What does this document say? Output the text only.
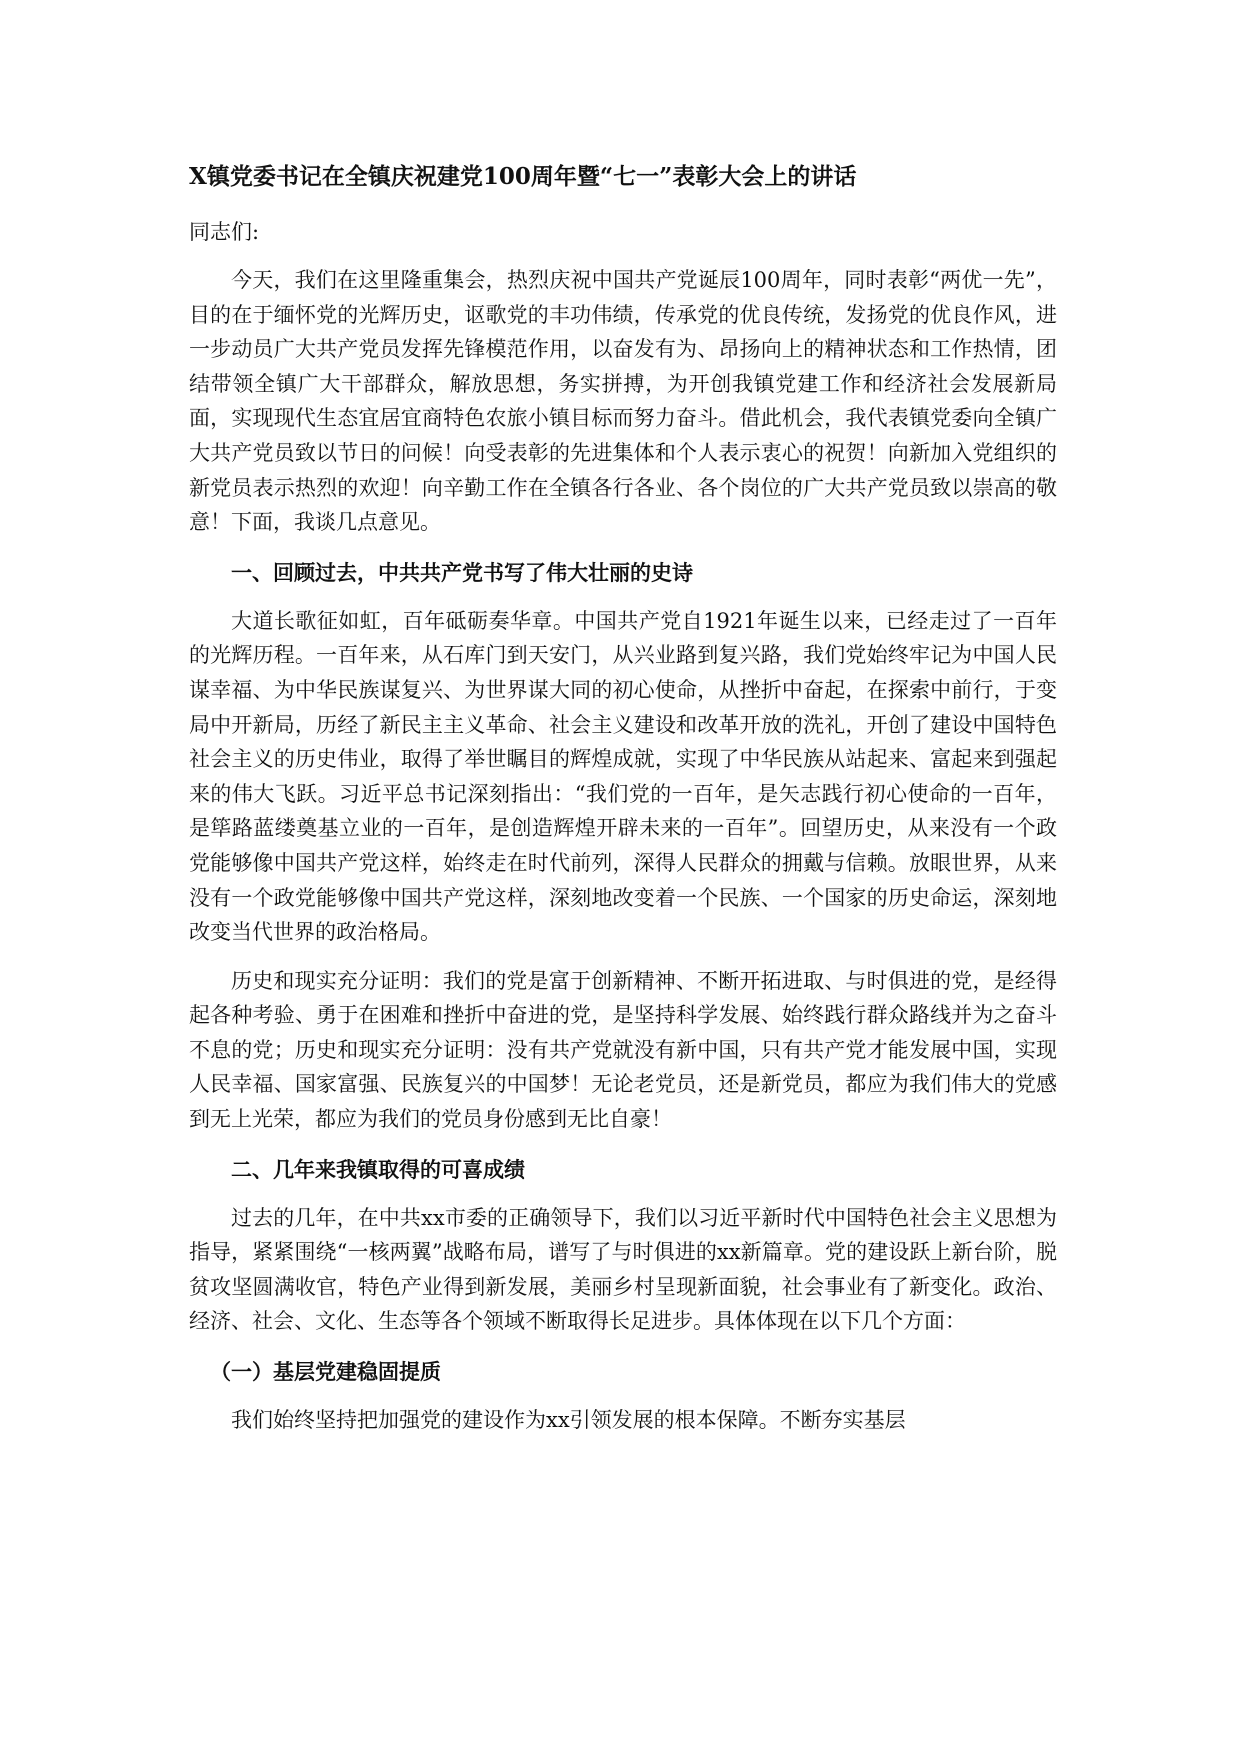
X镇党委书记在全镇庆祝建党100周年暨“七一”表彰大会上的讲话
同志们:

今天，我们在这里隆重集会，热烈庆祝中国共产党诞辰100周年，同时表彰“两优一先”，目的在于缅怀党的光辉历史，讴歌党的丰功伟绩，传承党的优良传统，发扬党的优良作风，进一步动员广大共产党员发挥先锋模范作用，以奋发有为、昂扬向上的精神状态和工作热情，团结带领全镇广大干部群众，解放思想，务实拼搏，为开创我镇党建工作和经济社会发展新局面，实现现代生态宜居宜商特色农旅小镇目标而努力奋斗。借此机会，我代表镇党委向全镇广大共产党员致以节日的问候！向受表彰的先进集体和个人表示衷心的祝贺！向新加入党组织的新党员表示热烈的欢迎！向辛勤工作在全镇各行各业、各个岗位的广大共产党员致以崇高的敬意！下面，我谈几点意见。

一、回顾过去，中共共产党书写了伟大壮丽的史诗

大道长歌征如虹，百年砥砺奏华章。中国共产党自1921年诞生以来，已经走过了一百年的光辉历程。一百年来，从石库门到天安门，从兴业路到复兴路，我们党始终牢记为中国人民谋幸福、为中华民族谋复兴、为世界谋大同的初心使命，从挫折中奋起，在探索中前行，于变局中开新局，历经了新民主主义革命、社会主义建设和改革开放的洗礼，开创了建设中国特色社会主义的历史伟业，取得了举世瞩目的辉煌成就，实现了中华民族从站起来、富起来到强起来的伟大飞跃。习近平总书记深刻指出：“我们党的一百年，是矢志践行初心使命的一百年，是筚路蓝缕奠基立业的一百年，是创造辉煌开辟未来的一百年”。回望历史，从来没有一个政党能够像中国共产党这样，始终走在时代前列，深得人民群众的拥戴与信赖。放眼世界，从来没有一个政党能够像中国共产党这样，深刻地改变着一个民族、一个国家的历史命运，深刻地改变当代世界的政治格局。

历史和现实充分证明：我们的党是富于创新精神、不断开拓进取、与时俱进的党，是经得起各种考验、勇于在困难和挫折中奋进的党，是坚持科学发展、始终践行群众路线并为之奋斗不息的党；历史和现实充分证明：没有共产党就没有新中国，只有共产党才能发展中国，实现人民幸福、国家富强、民族复兴的中国梦！无论老党员，还是新党员，都应为我们伟大的党感到无上光荣，都应为我们的党员身份感到无比自豪！

二、几年来我镇取得的可喜成绩

过去的几年，在中共xx市委的正确领导下，我们以习近平新时代中国特色社会主义思想为指导，紧紧围绕“一核两翼”战略布局，谱写了与时俱进的xx新篇章。党的建设跃上新台阶，脱贫攻坚圆满收官，特色产业得到新发展，美丽乡村呈现新面貌，社会事业有了新变化。政治、经济、社会、文化、生态等各个领域不断取得长足进步。具体体现在以下几个方面：

（一）基层党建稳固提质

我们始终坚持把加强党的建设作为xx引领发展的根本保障。不断夯实基层
